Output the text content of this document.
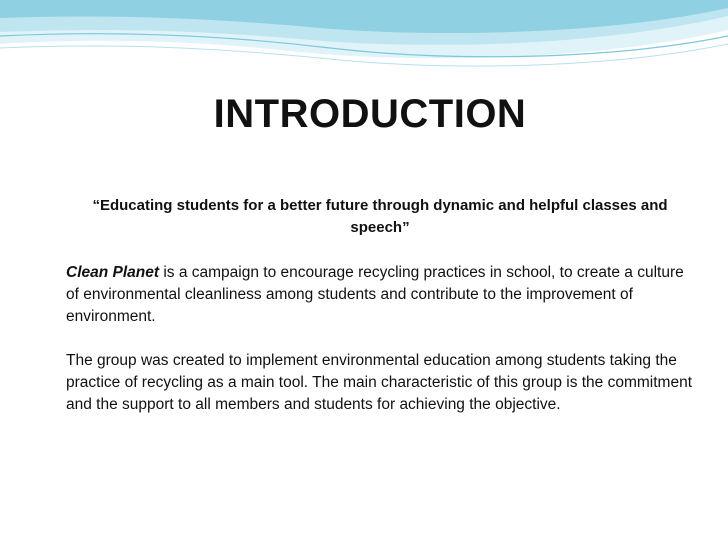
INTRODUCTION
“Educating students for a better future through dynamic and helpful classes and speech”

Clean Planet is a campaign to encourage recycling practices in school, to create a culture of environmental cleanliness among students and contribute to the improvement of environment.

The group was created to implement environmental education among students taking the practice of recycling as a main tool. The main characteristic of this group is the commitment and the support to all members and students for achieving the objective.
